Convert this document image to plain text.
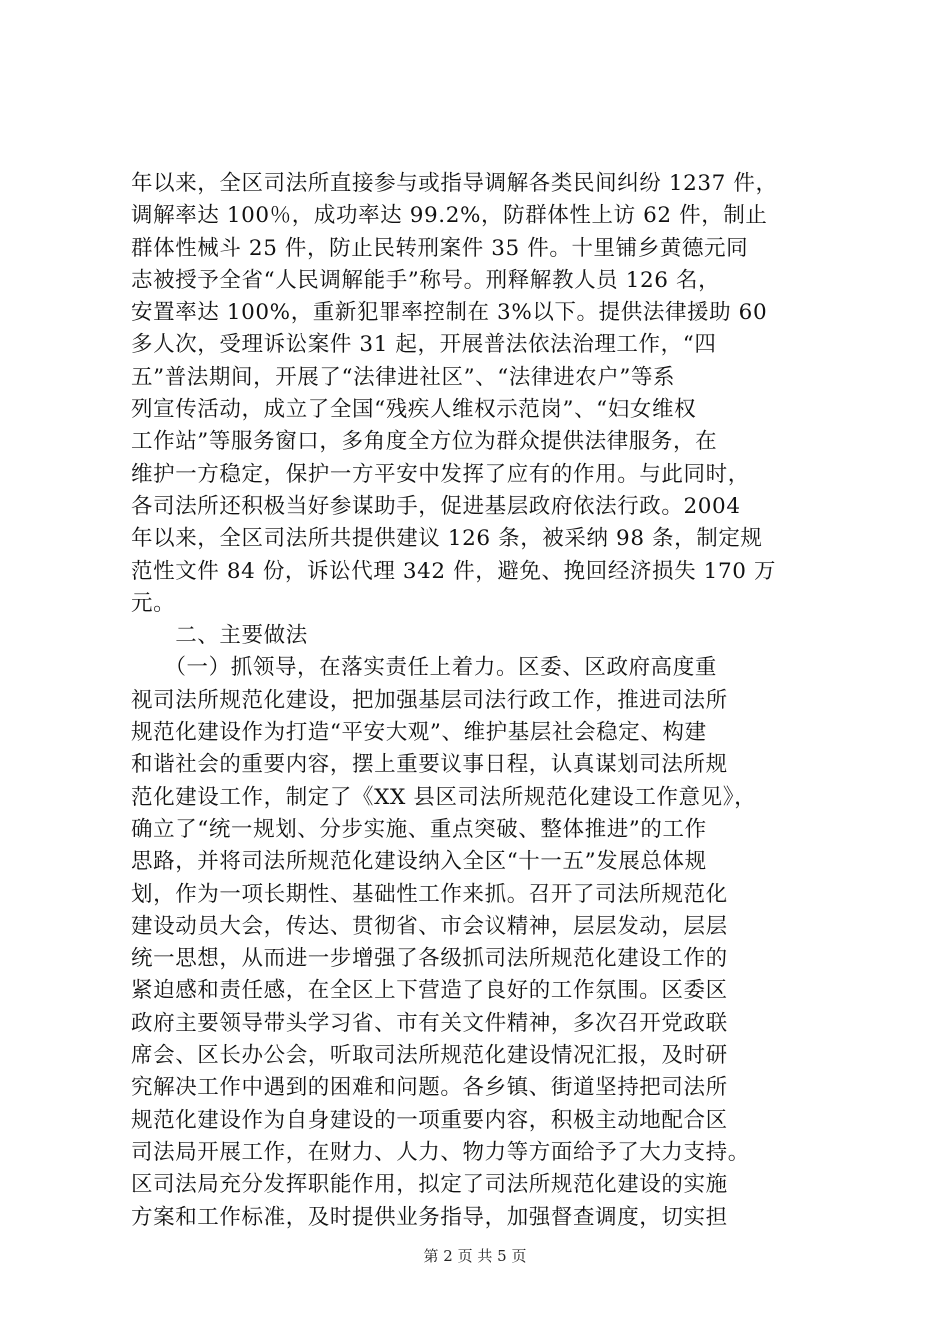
年以来，全区司法所直接参与或指导调解各类民间纠纷 1237 件，
调解率达 100％，成功率达 99.2%，防群体性上访 62 件，制止
群体性械斗 25 件，防止民转刑案件 35 件。十里铺乡黄德元同
志被授予全省“人民调解能手”称号。刑释解教人员 126 名，
安置率达 100%，重新犯罪率控制在 3%以下。提供法律援助 60
多人次，受理诉讼案件 31 起，开展普法依法治理工作，“四
五”普法期间，开展了“法律进社区”、“法律进农户”等系
列宣传活动，成立了全国“残疾人维权示范岗”、“妇女维权
工作站”等服务窗口，多角度全方位为群众提供法律服务，在
维护一方稳定，保护一方平安中发挥了应有的作用。与此同时，
各司法所还积极当好参谋助手，促进基层政府依法行政。2004
年以来，全区司法所共提供建议 126 条，被采纳 98 条，制定规
范性文件 84 份，诉讼代理 342 件，避免、挽回经济损失 170 万
元。
　　二、主要做法
　　（一）抓领导，在落实责任上着力。区委、区政府高度重
视司法所规范化建设，把加强基层司法行政工作，推进司法所
规范化建设作为打造“平安大观”、维护基层社会稳定、构建
和谐社会的重要内容，摆上重要议事日程，认真谋划司法所规
范化建设工作，制定了《XX 县区司法所规范化建设工作意见》，
确立了“统一规划、分步实施、重点突破、整体推进”的工作
思路，并将司法所规范化建设纳入全区“十一五”发展总体规
划，作为一项长期性、基础性工作来抓。召开了司法所规范化
建设动员大会，传达、贯彻省、市会议精神，层层发动，层层
统一思想，从而进一步增强了各级抓司法所规范化建设工作的
紧迫感和责任感，在全区上下营造了良好的工作氛围。区委区
政府主要领导带头学习省、市有关文件精神，多次召开党政联
席会、区长办公会，听取司法所规范化建设情况汇报，及时研
究解决工作中遇到的困难和问题。各乡镇、街道坚持把司法所
规范化建设作为自身建设的一项重要内容，积极主动地配合区
司法局开展工作，在财力、人力、物力等方面给予了大力支持。
区司法局充分发挥职能作用，拟定了司法所规范化建设的实施
方案和工作标准，及时提供业务指导，加强督查调度，切实担
第 2 页 共 5 页
